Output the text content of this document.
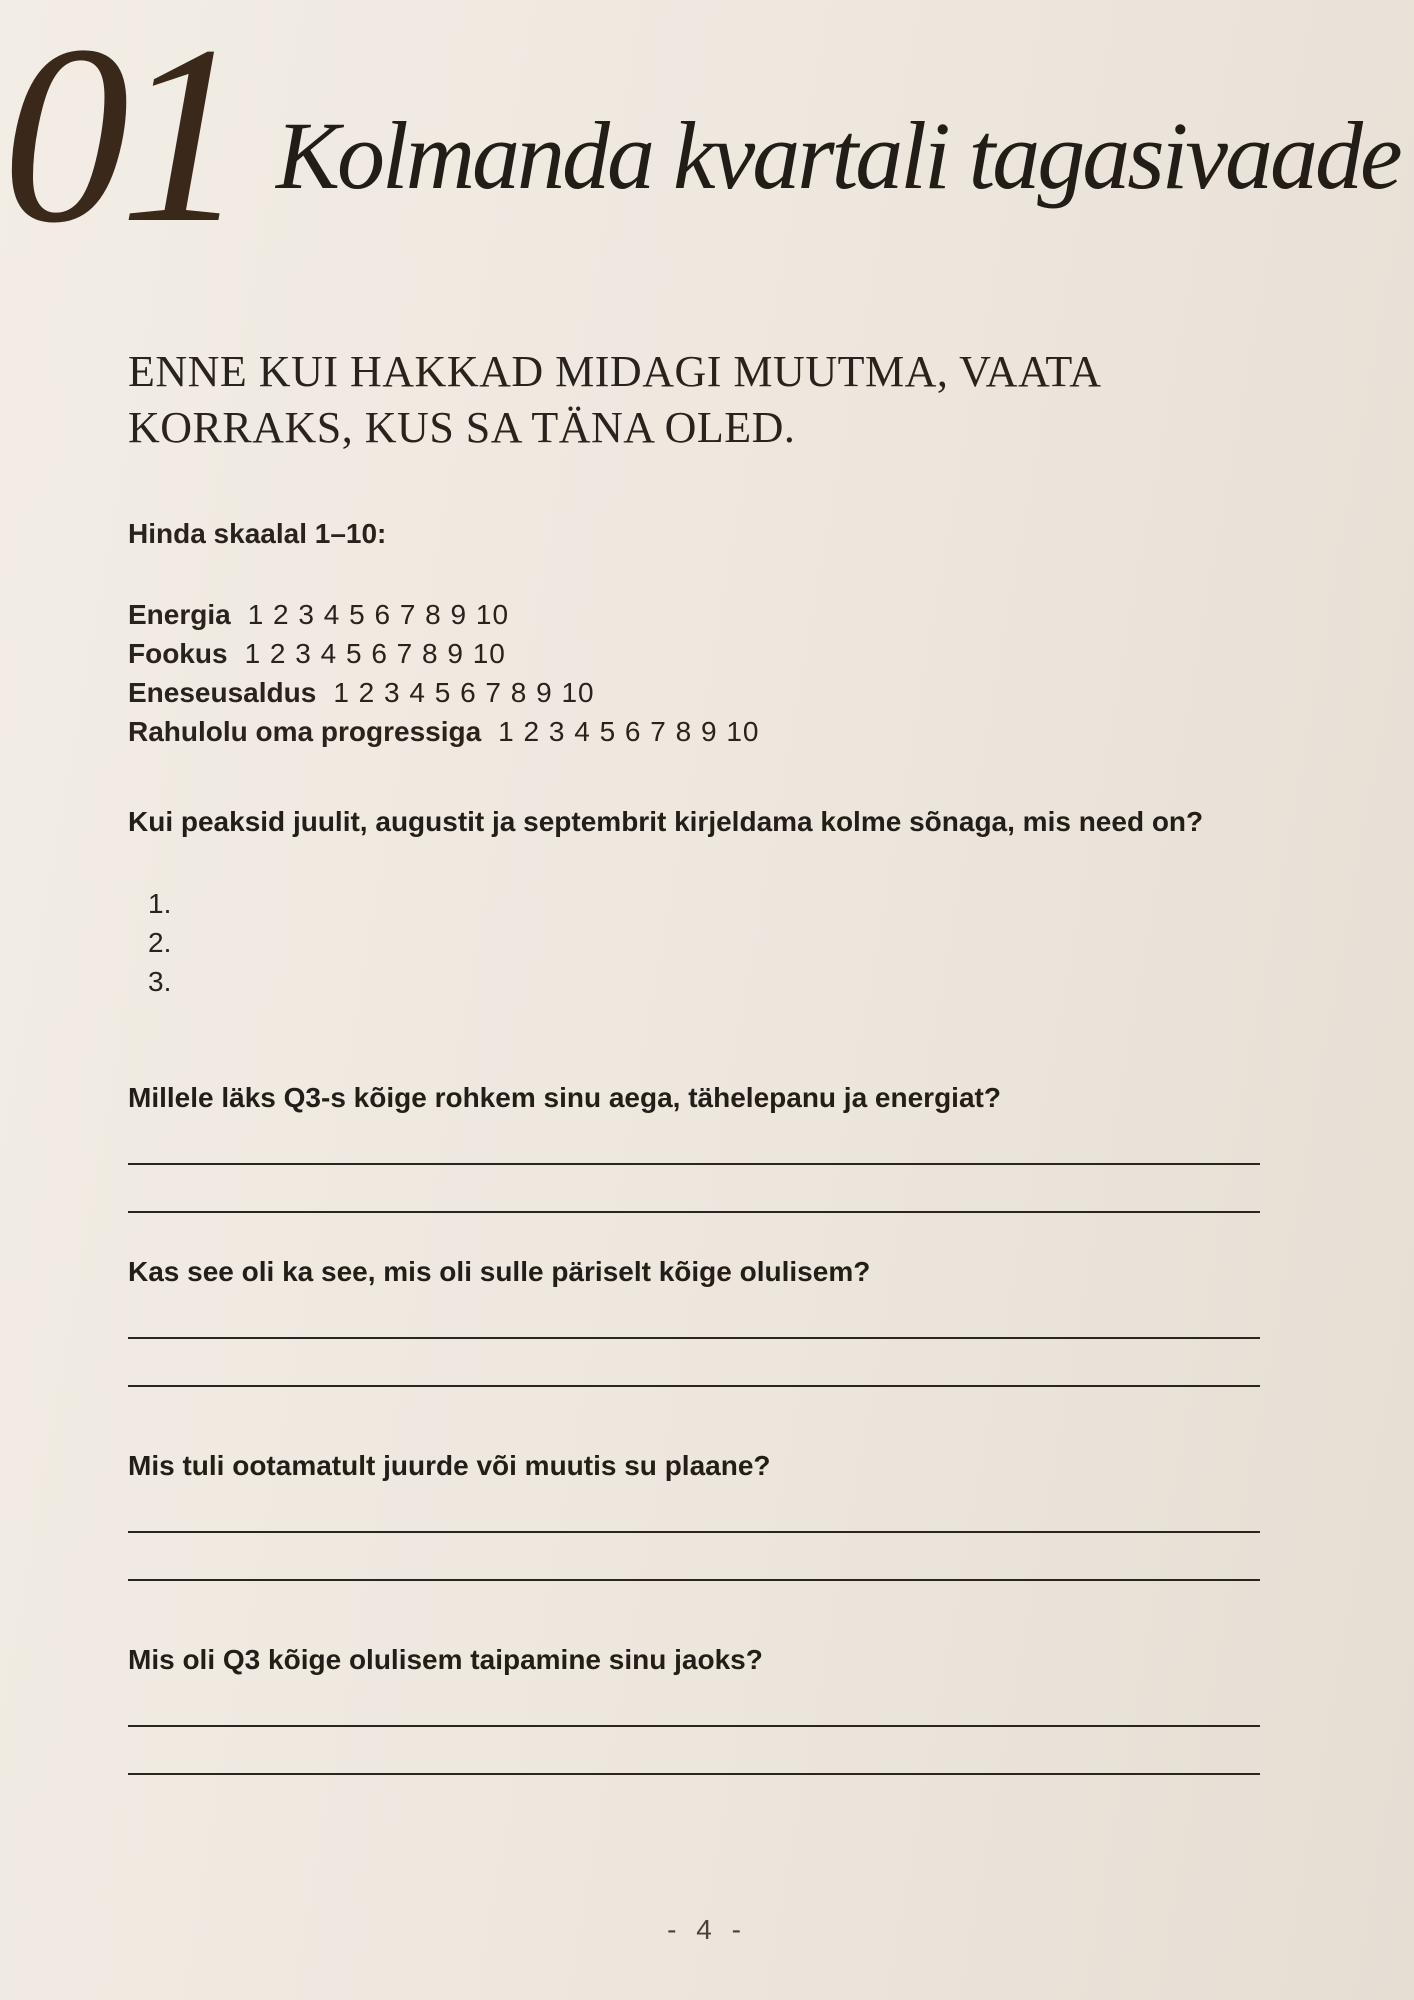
01 Kolmanda kvartali tagasivaade
ENNE KUI HAKKAD MIDAGI MUUTMA, VAATA
KORRAKS, KUS SA TÄNA OLED.
Hinda skaalal 1–10:
Energia 1 2 3 4 5 6 7 8 9 10
Fookus 1 2 3 4 5 6 7 8 9 10
Eneseusaldus 1 2 3 4 5 6 7 8 9 10
Rahulolu oma progressiga 1 2 3 4 5 6 7 8 9 10
Kui peaksid juulit, augustit ja septembrit kirjeldama kolme sõnaga, mis need on?
1.
2.
3.
Millele läks Q3-s kõige rohkem sinu aega, tähelepanu ja energiat?
Kas see oli ka see, mis oli sulle päriselt kõige olulisem?
Mis tuli ootamatult juurde või muutis su plaane?
Mis oli Q3 kõige olulisem taipamine sinu jaoks?
- 4 -
